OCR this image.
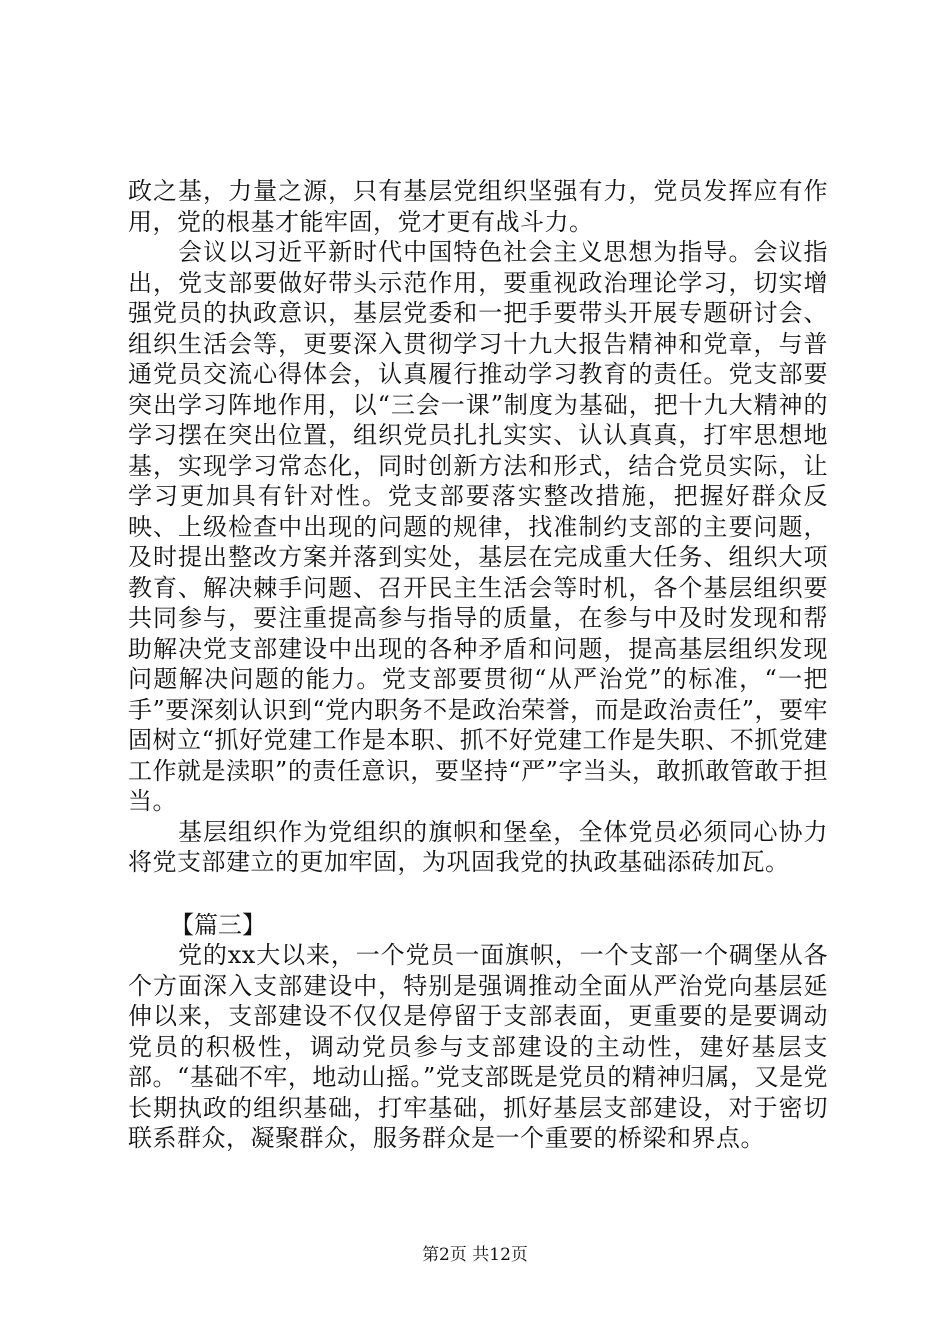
政之基，力量之源，只有基层党组织坚强有力，党员发挥应有作用，党的根基才能牢固，党才更有战斗力。

会议以习近平新时代中国特色社会主义思想为指导。会议指出，党支部要做好带头示范作用，要重视政治理论学习，切实增强党员的执政意识，基层党委和一把手要带头开展专题研讨会、组织生活会等，更要深入贯彻学习十九大报告精神和党章，与普通党员交流心得体会，认真履行推动学习教育的责任。党支部要突出学习阵地作用，以“三会一课”制度为基础，把十九大精神的学习摆在突出位置，组织党员扎扎实实、认认真真，打牢思想地基，实现学习常态化，同时创新方法和形式，结合党员实际，让学习更加具有针对性。党支部要落实整改措施，把握好群众反映、上级检查中出现的问题的规律，找准制约支部的主要问题，及时提出整改方案并落到实处，基层在完成重大任务、组织大项教育、解决棘手问题、召开民主生活会等时机，各个基层组织要共同参与，要注重提高参与指导的质量，在参与中及时发现和帮助解决党支部建设中出现的各种矛盾和问题，提高基层组织发现问题解决问题的能力。党支部要贯彻“从严治党”的标准，“一把手”要深刻认识到“党内职务不是政治荣誉，而是政治责任”，要牢固树立“抓好党建工作是本职、抓不好党建工作是失职、不抓党建工作就是渎职”的责任意识，要坚持“严”字当头，敢抓敢管敢于担当。

基层组织作为党组织的旗帜和堡垒，全体党员必须同心协力将党支部建立的更加牢固，为巩固我党的执政基础添砖加瓦。

【篇三】

党的xx大以来，一个党员一面旗帜，一个支部一个碉堡从各个方面深入支部建设中，特别是强调推动全面从严治党向基层延伸以来，支部建设不仅仅是停留于支部表面，更重要的是要调动党员的积极性，调动党员参与支部建设的主动性，建好基层支部。“基础不牢，地动山摇。”党支部既是党员的精神归属，又是党长期执政的组织基础，打牢基础，抓好基层支部建设，对于密切联系群众，凝聚群众，服务群众是一个重要的桥梁和界点。

第2页 共12页
